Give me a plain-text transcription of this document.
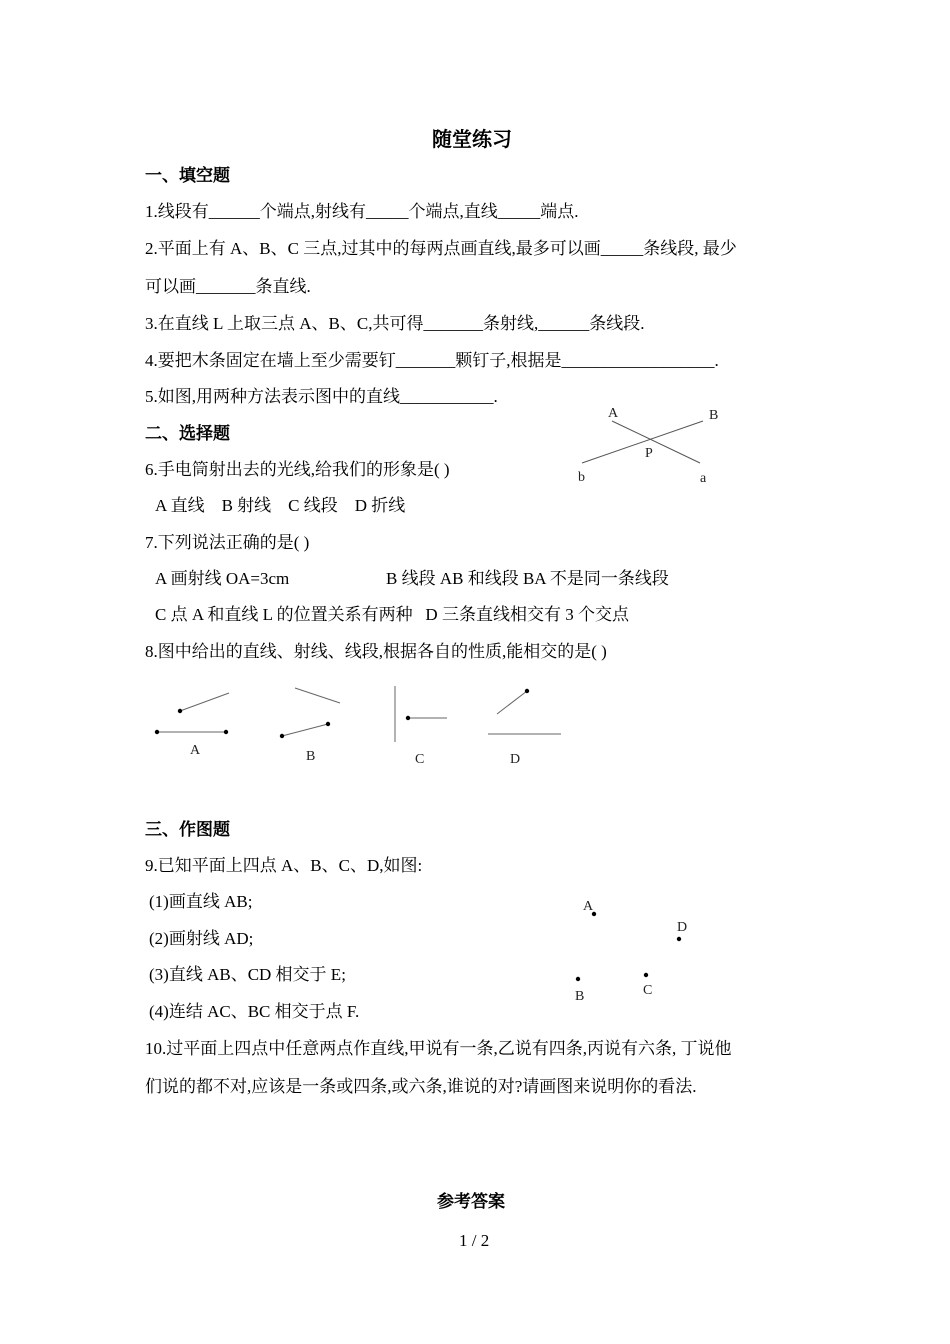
随堂练习
一、填空题
1.线段有______个端点,射线有_____个端点,直线_____端点.
2.平面上有 A、B、C 三点,过其中的每两点画直线,最多可以画_____条线段, 最少
可以画_______条直线.
3.在直线 L 上取三点 A、B、C,共可得_______条射线,______条线段.
4.要把木条固定在墙上至少需要钉_______颗钉子,根据是__________________.
5.如图,用两种方法表示图中的直线___________.
二、选择题
6.手电筒射出去的光线,给我们的形象是( )
A 直线    B 射线    C 线段    D 折线
7.下列说法正确的是( )
A 画射线 OA=3cm	B 线段 AB 和线段 BA 不是同一条线段
C 点 A 和直线 L 的位置关系有两种   D 三条直线相交有 3 个交点
8.图中给出的直线、射线、线段,根据各自的性质,能相交的是( )
三、作图题
9.已知平面上四点 A、B、C、D,如图:
(1)画直线 AB;
(2)画射线 AD;
(3)直线 AB、CD 相交于 E;
(4)连结 AC、BC 相交于点 F.
10.过平面上四点中任意两点作直线,甲说有一条,乙说有四条,丙说有六条, 丁说他
们说的都不对,应该是一条或四条,或六条,谁说的对?请画图来说明你的看法.
参考答案
1 / 2
A	B
P
b	a
A	B	C	D
A
D
B	C
